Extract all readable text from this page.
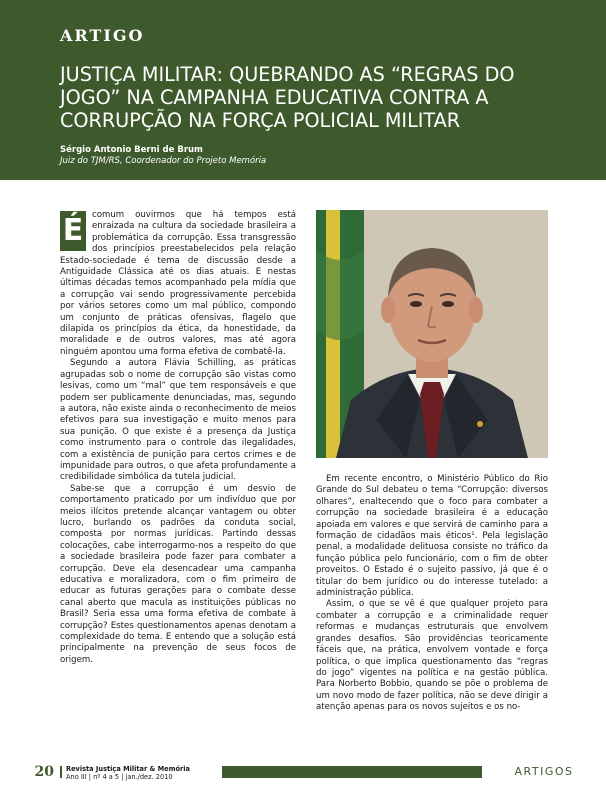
ARTIGO
JUSTIÇA MILITAR: QUEBRANDO AS “REGRAS DO JOGO” NA CAMPANHA EDUCATIVA CONTRA A CORRUPÇÃO NA FORÇA POLICIAL MILITAR
Sérgio Antonio Berni de Brum
Juiz do TJM/RS, Coordenador do Projeto Memória
É	comum ouvirmos que há tempos está enraizada na cultura da sociedade brasileira a problemática da corrupção. Essa transgressão dos princípios preestabelecidos pela relação Estado-sociedade é tema de discussão desde a Antiguidade Clássica até os dias atuais. E nestas últimas décadas temos acompanhado pela mídia que a corrupção vai sendo progressivamente percebida por vários setores como um mal público, compondo um conjunto de práticas ofensivas, flagelo que dilapida os princípios da ética, da honestidade, da moralidade e de outros valores, mas até agora ninguém apontou uma forma efetiva de combatê-la.

Segundo a autora Flávia Schilling, as práticas agrupadas sob o nome de corrupção são vistas como lesivas, como um “mal” que tem responsáveis e que podem ser publicamente denunciadas, mas, segundo a autora, não existe ainda o reconhecimento de meios efetivos para sua investigação e muito menos para sua punição. O que existe é a presença da Justiça como instrumento para o controle das ilegalidades, com a existência de punição para certos crimes e de impunidade para outros, o que afeta profundamente a credibilidade simbólica da tutela judicial.

Sabe-se que a corrupção é um desvio de comportamento praticado por um indivíduo que por meios ilícitos pretende alcançar vantagem ou obter lucro, burlando os padrões da conduta social, composta por normas jurídicas. Partindo dessas colocações, cabe interrogarmo-nos a respeito do que a sociedade brasileira pode fazer para combater a corrupção. Deve ela desencadear uma campanha educativa e moralizadora, com o fim primeiro de educar as futuras gerações para o combate desse canal aberto que macula as instituições públicas no Brasil? Seria essa uma forma efetiva de combate à corrupção? Estes questionamentos apenas denotam a complexidade do tema. E entendo que a solução está principalmente na prevenção de seus focos de origem.

Em recente encontro, o Ministério Público do Rio Grande do Sul debateu o tema “Corrupção: diversos olhares”, enaltecendo que o foco para combater a corrupção na sociedade brasileira é a educação apoiada em valores e que servirá de caminho para a formação de cidadãos mais éticos¹. Pela legislação penal, a modalidade delituosa consiste no tráfico da função pública pelo funcionário, com o fim de obter proveitos. O Estado é o sujeito passivo, já que é o titular do bem jurídico ou do interesse tutelado: a administração pública.

Assim, o que se vê é que qualquer projeto para combater a corrupção e a criminalidade requer reformas e mudanças estruturais que envolvem grandes desafios. São providências teoricamente fáceis que, na prática, envolvem vontade e força política, o que implica questionamento das “regras do jogo” vigentes na política e na gestão pública. Para Norberto Bobbio, quando se põe o problema de um novo modo de fazer política, não se deve dirigir a atenção apenas para os novos sujeitos e os no-

20	Revista Justiça Militar & Memória
Ano III | nº 4 a 5 | jan./dez. 2010	ARTIGOS
